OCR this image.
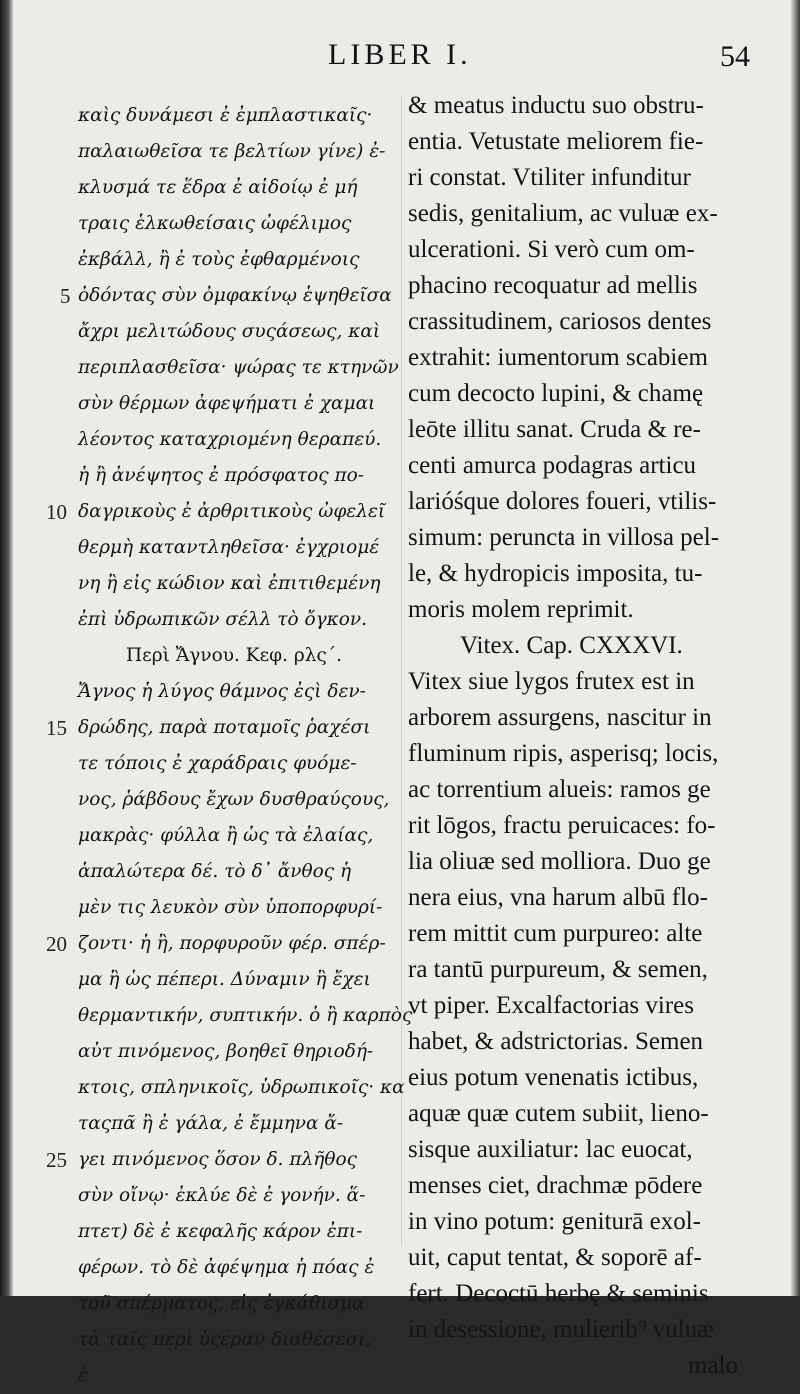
LIBER I.	54
καὶς δυνάμεσι ἐ ἐμπλαστικαῖς·
παλαιωθεῖσα τε βελτίων γίνε) ἐ-
κλυσμά τε ἕδρα ἐ αἰδοίῳ ἐ μή
τραις ἑλκωθείσαις ὠφέλιμος
ἐκβάλλ, ἢ ἐ τοὺς ἐφθαρμένοις
ὀδόντας σὺν ὀμφακίνῳ ἑψηθεῖσα
ἄχρι μελιτώδους συςάσεως, καὶ
περιπλασθεῖσα· ψώρας τε κτηνῶν
σὺν θέρμων ἀφεψήματι ἐ χαμαι
λέοντος καταχριομένη θεραπεύ.
ἡ ἢ ἀνέψητος ἐ πρόσφατος πο-
δαγρικοὺς ἐ ἀρθριτικοὺς ὠφελεῖ
θερμὴ καταντληθεῖσα· ἐγχριομέ
νη ἢ εἰς κώδιον καὶ ἐπιτιθεμένη
ἐπὶ ὑδρωπικῶν σέλλ τὸ ὄγκον.
Περὶ Ἄγνου. Κεφ. ρλς΄.
Ἄγνος ἡ λύγος θάμνος ἐςὶ δεν-
δρώδης, παρὰ ποταμοῖς ῥαχέσι
τε τόποις ἐ χαράδραις φυόμε-
νος, ῥάβδους ἔχων δυσθραύςους,
μακρὰς· φύλλα ἢ ὡς τὰ ἐλαίας,
ἁπαλώτερα δέ. τὸ δ᾽ ἄνθος ἡ
μὲν τις λευκὸν σὺν ὑποπορφυρί-
ζοντι· ἡ ἢ, πορφυροῦν φέρ. σπέρ-
μα ἢ ὡς πέπερι. Δύναμιν ἢ ἔχει
θερμαντικήν, συπτικήν. ὁ ἢ καρπὸς
αὐτ πινόμενος, βοηθεῖ θηριοδή-
κτοις, σπληνικοῖς, ὑδρωπικοῖς· κα
ταςπᾶ ἢ ἐ γάλα, ἐ ἔμμηνα ἄ-
γει πινόμενος ὅσον δ. πλῆθος
σὺν οἴνῳ· ἐκλύε δὲ ἐ γονήν. ἅ-
πτετ) δὲ ἐ κεφαλῆς κάρον ἐπι-
φέρων. τὸ δὲ ἀφέψημα ἡ πόας ἐ
τοῦ σπέρματος, εἰς ἐγκάθισμα
τὰ ταῖς περὶ ὑςέραν διαθέσεσι,
ἐ
& meatus inductu suo obstru-
entia. Vetustate meliorem fie-
ri constat. Vtiliter infunditur
sedis, genitalium, ac vuluæ ex-
ulcerationi. Si verò cum om-
phacino recoquatur ad mellis
crassitudinem, cariosos dentes
extrahit: iumentorum scabiem
cum decocto lupini, & chamę
leōte illitu sanat. Cruda & re-
centi amurca podagras articu
larióśque dolores foueri, vtilis-
simum: peruncta in villosa pel-
le, & hydropicis imposita, tu-
moris molem reprimit.
Vitex. Cap. CXXXVI.
Vitex siue lygos frutex est in
arborem assurgens, nascitur in
fluminum ripis, asperisq; locis,
ac torrentium alueis: ramos ge
rit lōgos, fractu peruicaces: fo-
lia oliuæ sed molliora. Duo ge
nera eius, vna harum albū flo-
rem mittit cum purpureo: alte
ra tantū purpureum, & semen,
vt piper. Excalfactorias vires
habet, & adstrictorias. Semen
eius potum venenatis ictibus,
aquæ quæ cutem subiit, lieno-
sisque auxiliatur: lac euocat,
menses ciet, drachmæ pōdere
in vino potum: geniturā exol-
uit, caput tentat, & soporē af-
fert. Decoctū herbę & seminis
in desessione, mulierib⁹ vuluæ
malo
5
10
15
20
25
